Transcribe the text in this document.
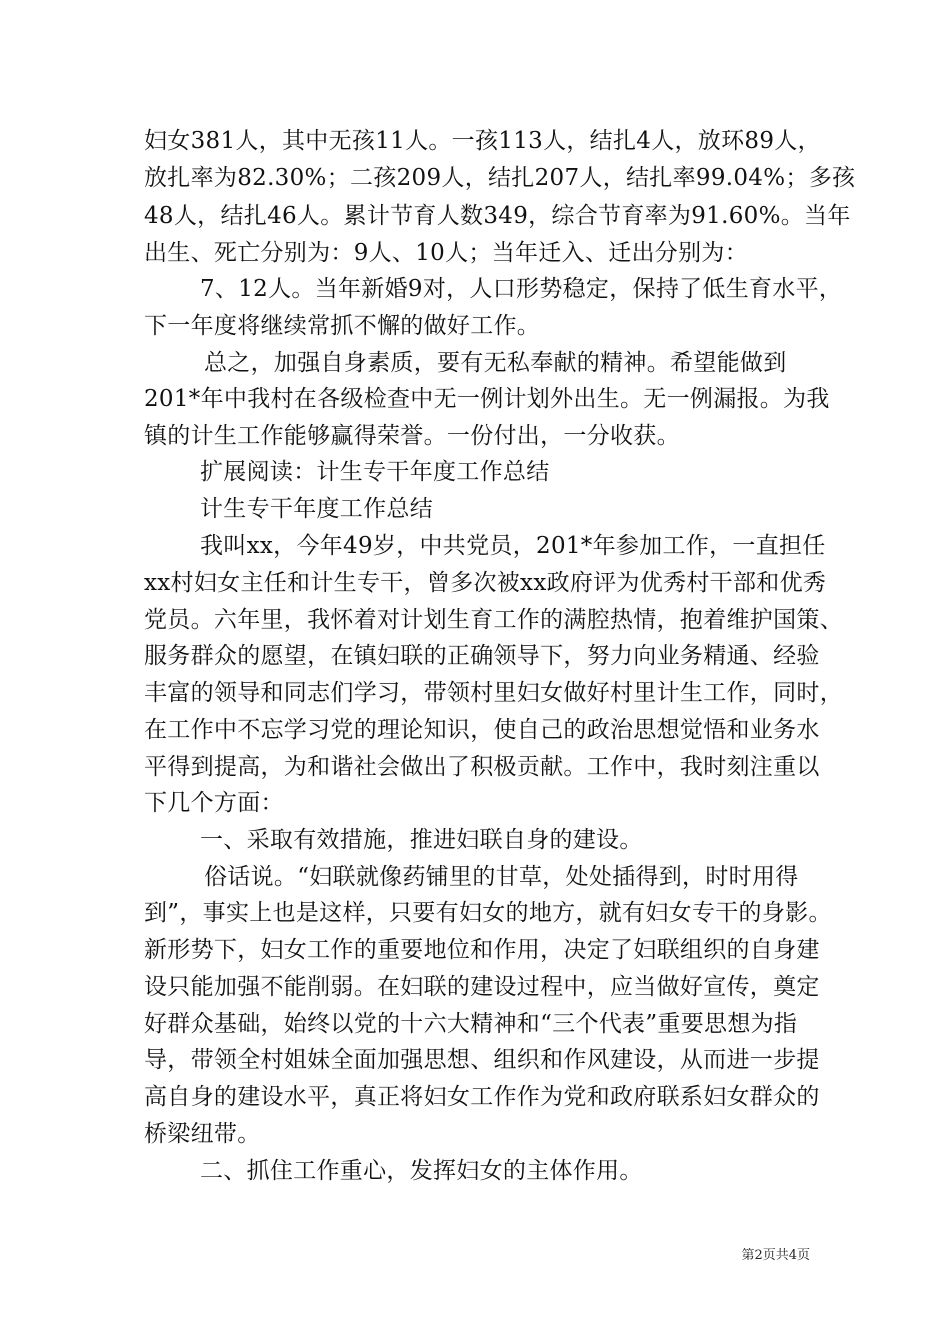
妇女381人，其中无孩11人。一孩113人，结扎4人，放环89人，
放扎率为82.30%；二孩209人，结扎207人，结扎率99.04%；多孩
48人，结扎46人。累计节育人数349，综合节育率为91.60%。当年
出生、死亡分别为：9人、10人；当年迁入、迁出分别为：
7、12人。当年新婚9对，人口形势稳定，保持了低生育水平，
下一年度将继续常抓不懈的做好工作。
总之，加强自身素质，要有无私奉献的精神。希望能做到
201*年中我村在各级检查中无一例计划外出生。无一例漏报。为我
镇的计生工作能够赢得荣誉。一份付出，一分收获。
扩展阅读：计生专干年度工作总结
计生专干年度工作总结
我叫xx，今年49岁，中共党员，201*年参加工作，一直担任
xx村妇女主任和计生专干，曾多次被xx政府评为优秀村干部和优秀
党员。六年里，我怀着对计划生育工作的满腔热情，抱着维护国策、
服务群众的愿望，在镇妇联的正确领导下，努力向业务精通、经验
丰富的领导和同志们学习，带领村里妇女做好村里计生工作，同时，
在工作中不忘学习党的理论知识，使自己的政治思想觉悟和业务水
平得到提高，为和谐社会做出了积极贡献。工作中，我时刻注重以
下几个方面：
一、采取有效措施，推进妇联自身的建设。
俗话说。“妇联就像药铺里的甘草，处处插得到，时时用得
到”，事实上也是这样，只要有妇女的地方，就有妇女专干的身影。
新形势下，妇女工作的重要地位和作用，决定了妇联组织的自身建
设只能加强不能削弱。在妇联的建设过程中，应当做好宣传，奠定
好群众基础，始终以党的十六大精神和“三个代表”重要思想为指
导，带领全村姐妹全面加强思想、组织和作风建设，从而进一步提
高自身的建设水平，真正将妇女工作作为党和政府联系妇女群众的
桥梁纽带。
二、抓住工作重心，发挥妇女的主体作用。
第2页共4页
